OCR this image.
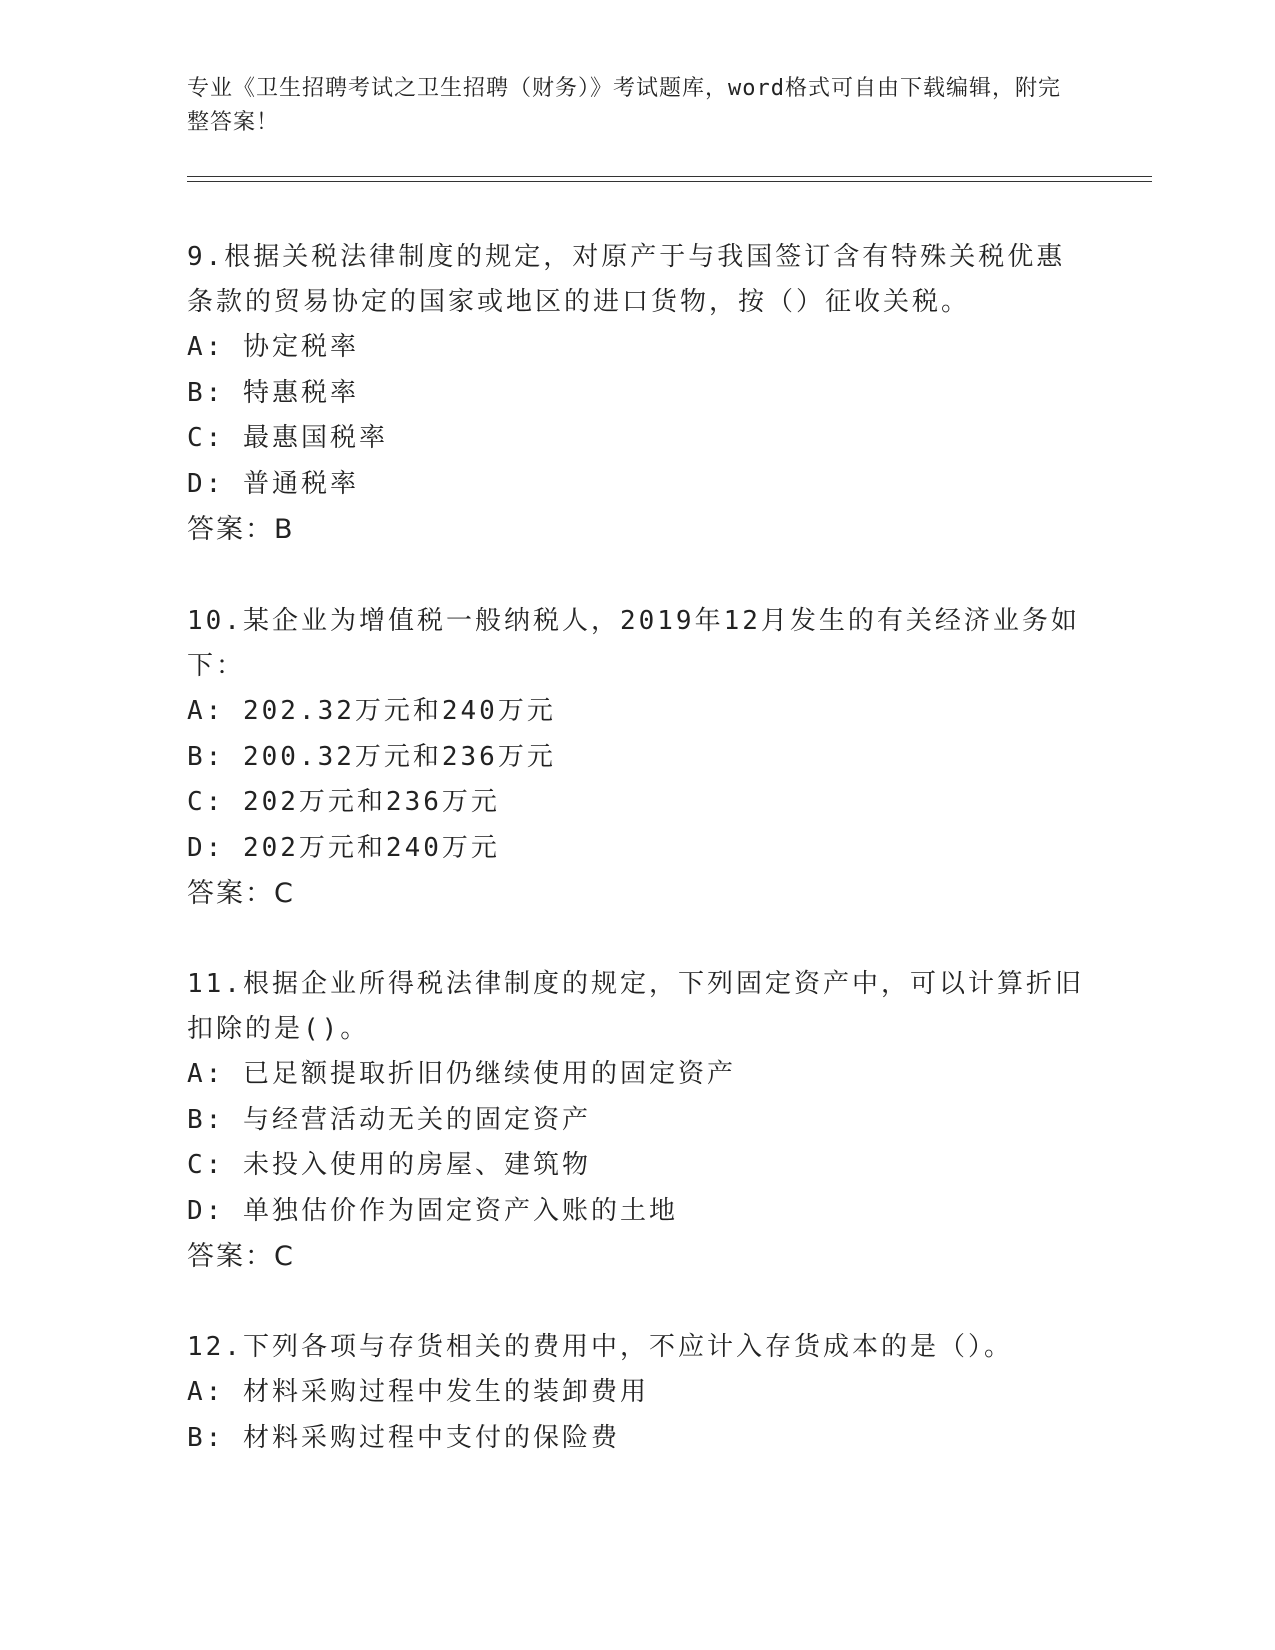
专业《卫生招聘考试之卫生招聘（财务）》考试题库，word格式可自由下载编辑，附完整答案！

9.根据关税法律制度的规定，对原产于与我国签订含有特殊关税优惠条款的贸易协定的国家或地区的进口货物，按（）征收关税。

A: 协定税率

B: 特惠税率

C: 最惠国税率

D: 普通税率

答案：B

10.某企业为增值税一般纳税人，2019年12月发生的有关经济业务如下：

A: 202.32万元和240万元

B: 200.32万元和236万元

C: 202万元和236万元

D: 202万元和240万元

答案：C

11.根据企业所得税法律制度的规定，下列固定资产中，可以计算折旧扣除的是()。

A: 已足额提取折旧仍继续使用的固定资产

B: 与经营活动无关的固定资产

C: 未投入使用的房屋、建筑物

D: 单独估价作为固定资产入账的土地

答案：C

12.下列各项与存货相关的费用中，不应计入存货成本的是（）。

A: 材料采购过程中发生的装卸费用

B: 材料采购过程中支付的保险费
